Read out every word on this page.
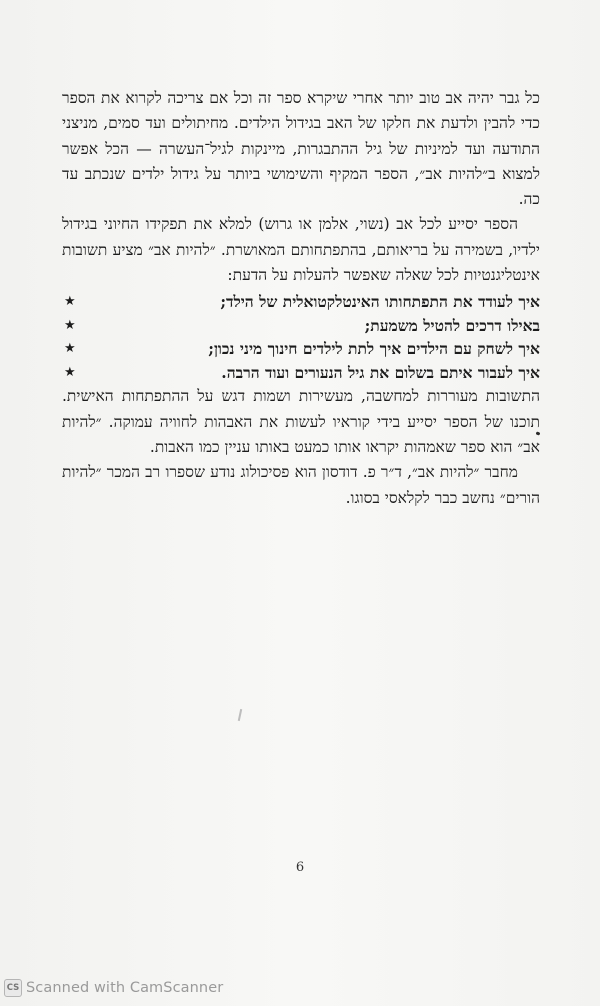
כל גבר יהיה אב טוב יותר אחרי שיקרא ספר זה וכל אם צריכה לקרוא את הספר כדי להבין ולדעת את חלקו של האב בגידול הילדים. מחיתולים ועד סמים, מניצני התודעה ועד למיניות של גיל ההתבגרות, מיינקות לגיל־העשרה — הכל אפשר למצוא ב״להיות אב״, הספר המקיף והשימושי ביותר על גידול ילדים שנכתב עד כה.

הספר יסייע לכל אב (נשוי, אלמן או גרוש) למלא את תפקידו החיוני בגידול ילדיו, בשמירה על בריאותם, בהתפתחותם המאושרת. ״להיות אב״ מציע תשובות אינטליגנטיות לכל שאלה שאפשר להעלות על הדעת:

★	איך לעודד את התפתחותו האינטלקטואלית של הילד;
★	באילו דרכים להטיל משמעת;
★	איך לשחק עם הילדים איך לתת לילדים חינוך מיני נכון;
★	איך לעבור איתם בשלום את גיל הנעורים ועוד הרבה.

התשובות מעוררות למחשבה, מעשירות ושמות דגש על ההתפתחות האישית. תוכנו של הספר יסייע בידי קוראיו לעשות את האבהות לחוויה עמוקה. ״להיות אב״ הוא ספר שאמהות יקראו אותו כמעט באותו עניין כמו האבות.

מחבר ״להיות אב״, ד״ר פ. דודסון הוא פסיכולוג נודע שספרו רב המכר ״להיות הורים״ נחשב כבר לקלאסי בסוגו.

6
CS Scanned with CamScanner
